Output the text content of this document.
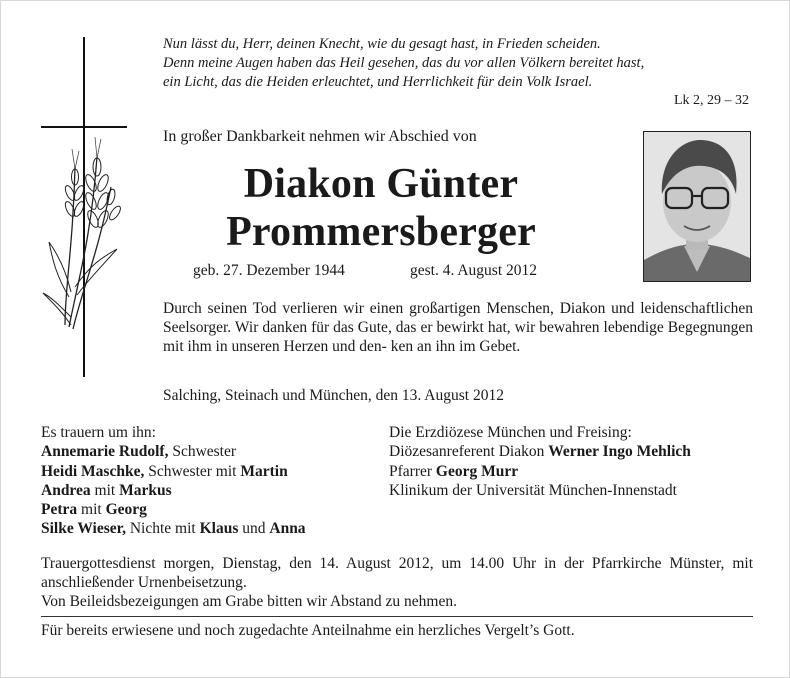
Nun lässt du, Herr, deinen Knecht, wie du gesagt hast, in Frieden scheiden.
Denn meine Augen haben das Heil gesehen, das du vor allen Völkern bereitet hast,
ein Licht, das die Heiden erleuchtet, und Herrlichkeit für dein Volk Israel.
Lk 2, 29 – 32
In großer Dankbarkeit nehmen wir Abschied von
Diakon Günter
Prommersberger
geb. 27. Dezember 1944	gest. 4. August 2012
Durch seinen Tod verlieren wir einen großartigen Menschen, Diakon und leidenschaftlichen Seelsorger. Wir danken für das Gute, das er bewirkt hat, wir bewahren lebendige Begegnungen mit ihm in unseren Herzen und den- ken an ihn im Gebet.
Salching, Steinach und München, den 13. August 2012
Es trauern um ihn:
Annemarie Rudolf, Schwester
Heidi Maschke, Schwester mit Martin
Andrea mit Markus
Petra mit Georg
Silke Wieser, Nichte mit Klaus und Anna
Die Erzdiözese München und Freising:
Diözesanreferent Diakon Werner Ingo Mehlich
Pfarrer Georg Murr
Klinikum der Universität München-Innenstadt
Trauergottesdienst morgen, Dienstag, den 14. August 2012, um 14.00 Uhr in der Pfarrkirche Münster, mit anschließender Urnenbeisetzung.
Von Beileidsbezeigungen am Grabe bitten wir Abstand zu nehmen.
Für bereits erwiesene und noch zugedachte Anteilnahme ein herzliches Vergelt’s Gott.
